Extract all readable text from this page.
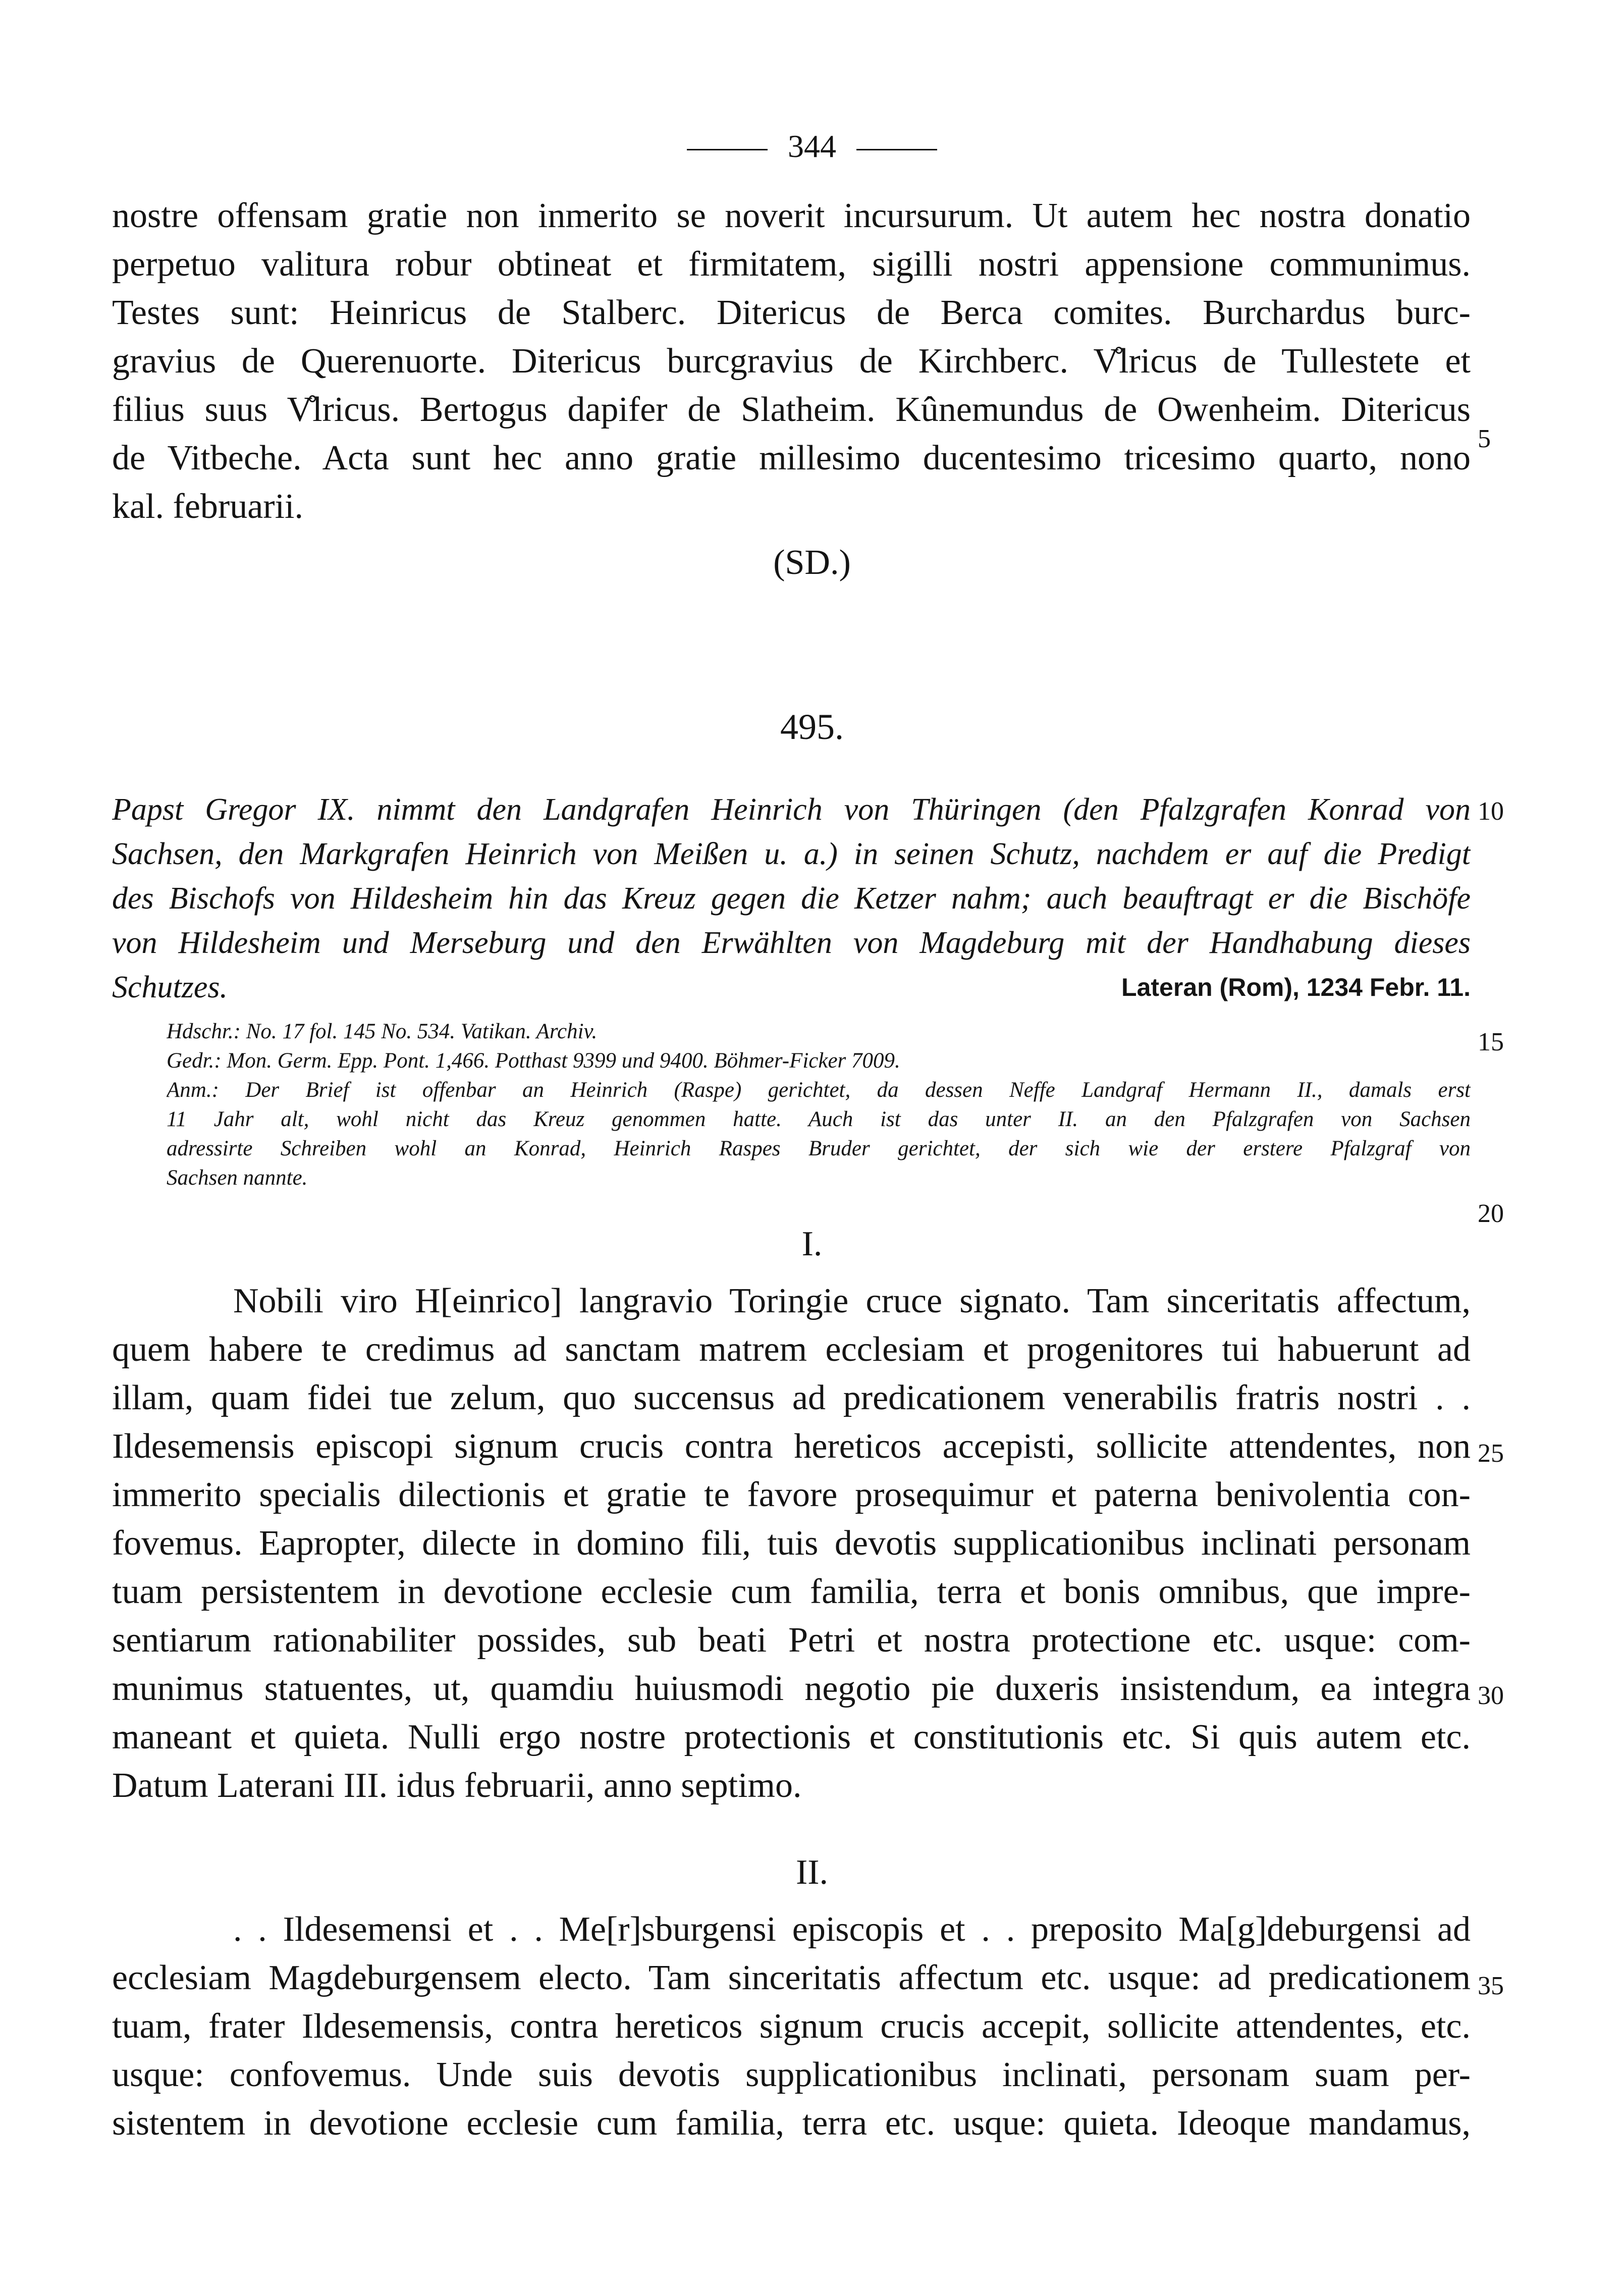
344
nostre offensam gratie non inmerito se noverit incursurum. Ut autem hec nostra donatio
perpetuo valitura robur obtineat et firmitatem, sigilli nostri appensione communimus.
Testes sunt: Heinricus de Stalberc. Ditericus de Berca comites. Burchardus burc-
gravius de Querenuorte. Ditericus burcgravius de Kirchberc. V̊lricus de Tullestete et
filius suus V̊lricus. Bertogus dapifer de Slatheim. Kûnemundus de Owenheim. Ditericus
de Vitbeche. Acta sunt hec anno gratie millesimo ducentesimo tricesimo quarto, nono
kal. februarii.
(SD.)
495.
Papst Gregor IX. nimmt den Landgrafen Heinrich von Thüringen (den Pfalzgrafen Konrad von
Sachsen, den Markgrafen Heinrich von Meißen u. a.) in seinen Schutz, nachdem er auf die Predigt
des Bischofs von Hildesheim hin das Kreuz gegen die Ketzer nahm; auch beauftragt er die Bischöfe
von Hildesheim und Merseburg und den Erwählten von Magdeburg mit der Handhabung dieses
Schutzes.	Lateran (Rom), 1234 Febr. 11.
Hdschr.: No. 17 fol. 145 No. 534. Vatikan. Archiv.
Gedr.: Mon. Germ. Epp. Pont. 1,466. Potthast 9399 und 9400. Böhmer-Ficker 7009.
Anm.: Der Brief ist offenbar an Heinrich (Raspe) gerichtet, da dessen Neffe Landgraf Hermann II., damals erst
11 Jahr alt, wohl nicht das Kreuz genommen hatte. Auch ist das unter II. an den Pfalzgrafen von Sachsen
adressirte Schreiben wohl an Konrad, Heinrich Raspes Bruder gerichtet, der sich wie der erstere Pfalzgraf von
Sachsen nannte.
I.
Nobili viro H[einrico] langravio Toringie cruce signato. Tam sinceritatis affectum,
quem habere te credimus ad sanctam matrem ecclesiam et progenitores tui habuerunt ad
illam, quam fidei tue zelum, quo succensus ad predicationem venerabilis fratris nostri . .
Ildesemensis episcopi signum crucis contra hereticos accepisti, sollicite attendentes, non
immerito specialis dilectionis et gratie te favore prosequimur et paterna benivolentia con-
fovemus. Eapropter, dilecte in domino fili, tuis devotis supplicationibus inclinati personam
tuam persistentem in devotione ecclesie cum familia, terra et bonis omnibus, que impre-
sentiarum rationabiliter possides, sub beati Petri et nostra protectione etc. usque: com-
munimus statuentes, ut, quamdiu huiusmodi negotio pie duxeris insistendum, ea integra
maneant et quieta. Nulli ergo nostre protectionis et constitutionis etc. Si quis autem etc.
Datum Laterani III. idus februarii, anno septimo.
II.
. . Ildesemensi et . . Me[r]sburgensi episcopis et . . preposito Ma[g]deburgensi ad
ecclesiam Magdeburgensem electo. Tam sinceritatis affectum etc. usque: ad predicationem
tuam, frater Ildesemensis, contra hereticos signum crucis accepit, sollicite attendentes, etc.
usque: confovemus. Unde suis devotis supplicationibus inclinati, personam suam per-
sistentem in devotione ecclesie cum familia, terra etc. usque: quieta. Ideoque mandamus,
5
10
15
20
25
30
35
